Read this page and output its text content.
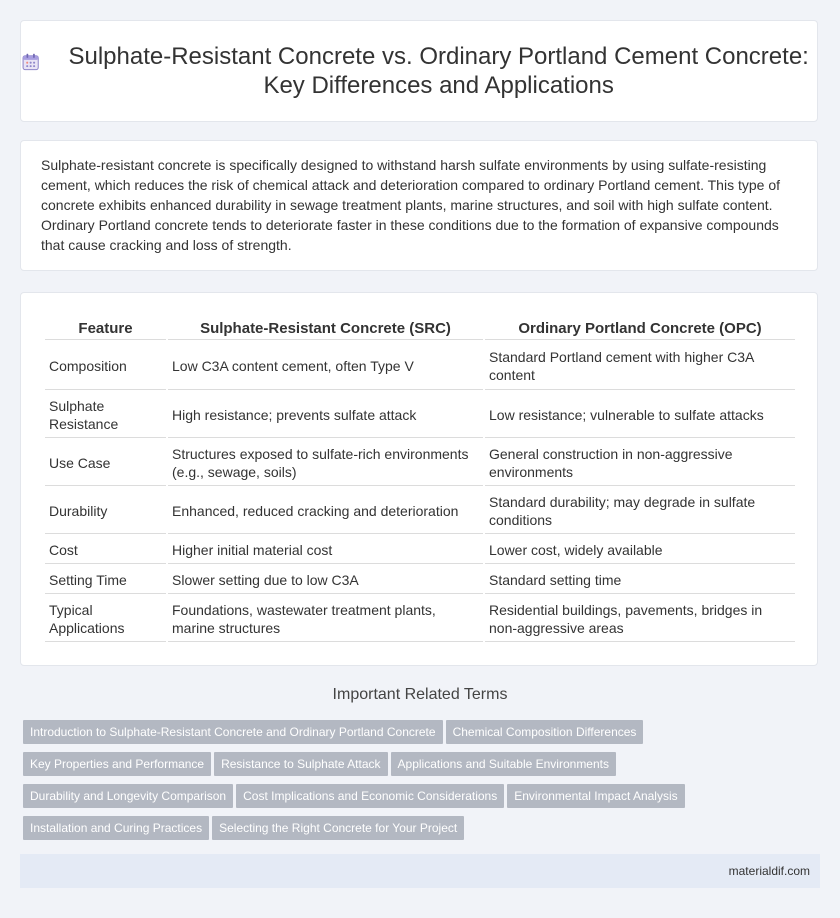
Sulphate-Resistant Concrete vs. Ordinary Portland Cement Concrete: Key Differences and Applications

Sulphate-resistant concrete is specifically designed to withstand harsh sulfate environments by using sulfate-resisting cement, which reduces the risk of chemical attack and deterioration compared to ordinary Portland cement. This type of concrete exhibits enhanced durability in sewage treatment plants, marine structures, and soil with high sulfate content. Ordinary Portland concrete tends to deteriorate faster in these conditions due to the formation of expansive compounds that cause cracking and loss of strength.

Feature	Sulphate-Resistant Concrete (SRC)	Ordinary Portland Concrete (OPC)
Composition	Low C3A content cement, often Type V	Standard Portland cement with higher C3A content
Sulphate Resistance	High resistance; prevents sulfate attack	Low resistance; vulnerable to sulfate attacks
Use Case	Structures exposed to sulfate-rich environments (e.g., sewage, soils)	General construction in non-aggressive environments
Durability	Enhanced, reduced cracking and deterioration	Standard durability; may degrade in sulfate conditions
Cost	Higher initial material cost	Lower cost, widely available
Setting Time	Slower setting due to low C3A	Standard setting time
Typical Applications	Foundations, wastewater treatment plants, marine structures	Residential buildings, pavements, bridges in non-aggressive areas
Important Related Terms
Introduction to Sulphate-Resistant Concrete and Ordinary Portland Concrete Chemical Composition Differences
Key Properties and Performance Resistance to Sulphate Attack Applications and Suitable Environments
Durability and Longevity Comparison Cost Implications and Economic Considerations Environmental Impact Analysis
Installation and Curing Practices Selecting the Right Concrete for Your Project
materialdif.com
